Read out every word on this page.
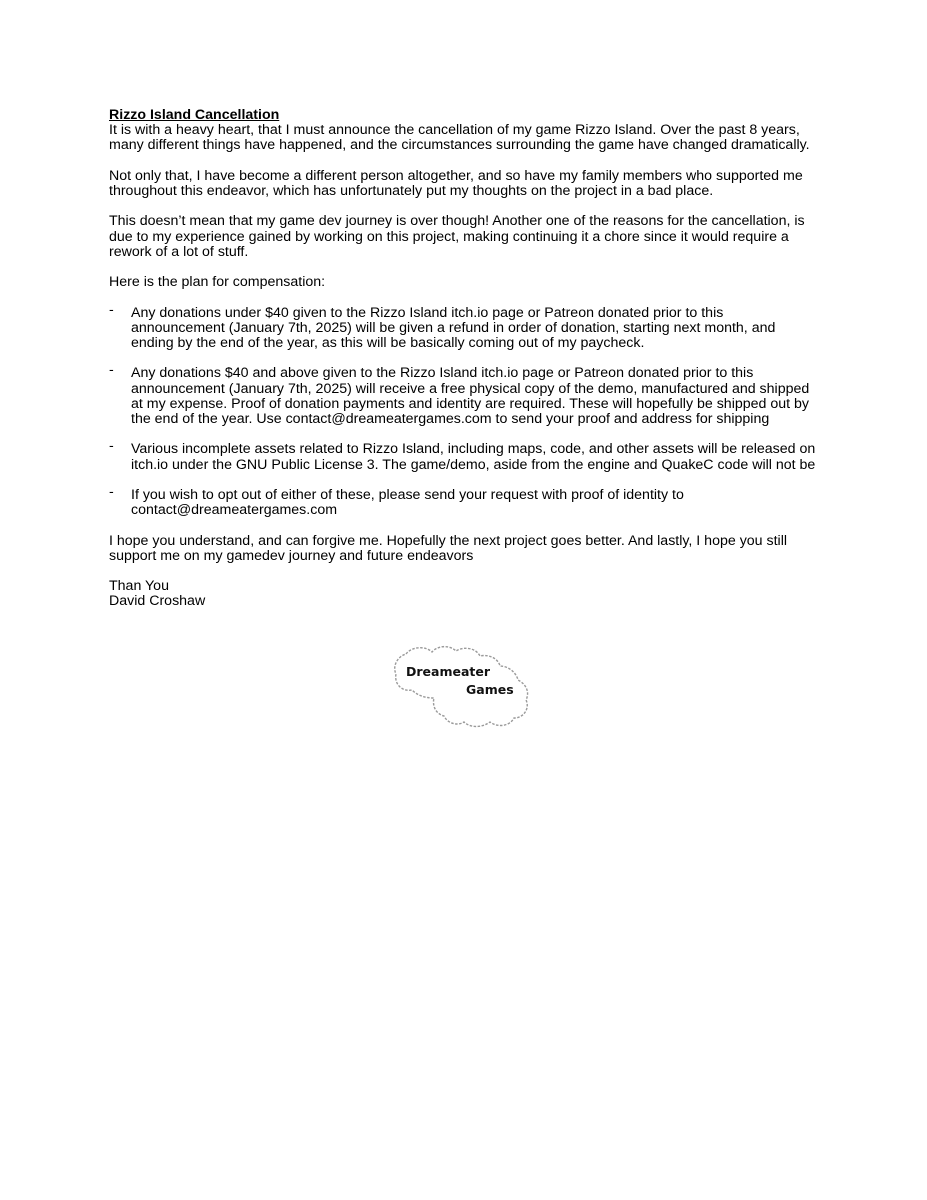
Rizzo Island Cancellation

It is with a heavy heart, that I must announce the cancellation of my game Rizzo Island. Over the past 8 years, many different things have happened, and the circumstances surrounding the game have changed dramatically.

Not only that, I have become a different person altogether, and so have my family members who supported me throughout this endeavor, which has unfortunately put my thoughts on the project in a bad place.

This doesn’t mean that my game dev journey is over though! Another one of the reasons for the cancellation, is due to my experience gained by working on this project, making continuing it a chore since it would require a rework of a lot of stuff.

Here is the plan for compensation:

- Any donations under $40 given to the Rizzo Island itch.io page or Patreon donated prior to this announcement (January 7th, 2025) will be given a refund in order of donation, starting next month, and ending by the end of the year, as this will be basically coming out of my paycheck.
- Any donations $40 and above given to the Rizzo Island itch.io page or Patreon donated prior to this announcement (January 7th, 2025) will receive a free physical copy of the demo, manufactured and shipped at my expense. Proof of donation payments and identity are required. These will hopefully be shipped out by the end of the year. Use contact@dreameatergames.com to send your proof and address for shipping
- Various incomplete assets related to Rizzo Island, including maps, code, and other assets will be released on itch.io under the GNU Public License 3. The game/demo, aside from the engine and QuakeC code will not be
- If you wish to opt out of either of these, please send your request with proof of identity to contact@dreameatergames.com

I hope you understand, and can forgive me. Hopefully the next project goes better. And lastly, I hope you still support me on my gamedev journey and future endeavors

Than You

David Croshaw

Dreameater
Games
